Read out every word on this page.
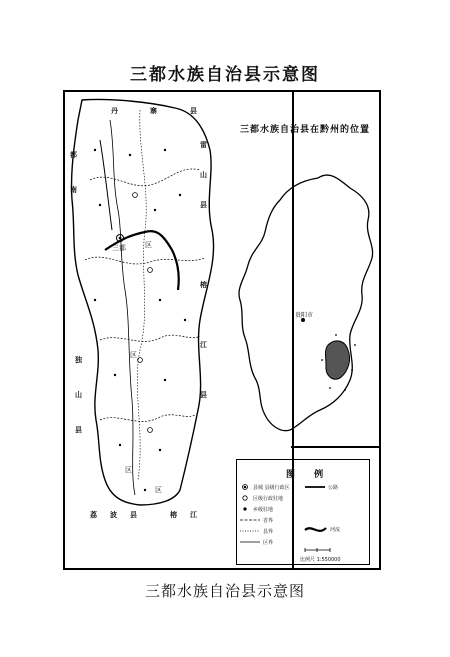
三都水族自治县示意图
三都水族自治县在黔州的位置
贵阳市
图 例
县城 县级行政区
区级行政驻地
乡级驻地
省界
县界
区界
公路
河流
比例尺 1:550000
都
南
丹	寨	县
雷
山
县
榕
江
县
独
山
县
荔 波 县	榕 江
三都	区
区
区
区
三都水族自治县示意图
